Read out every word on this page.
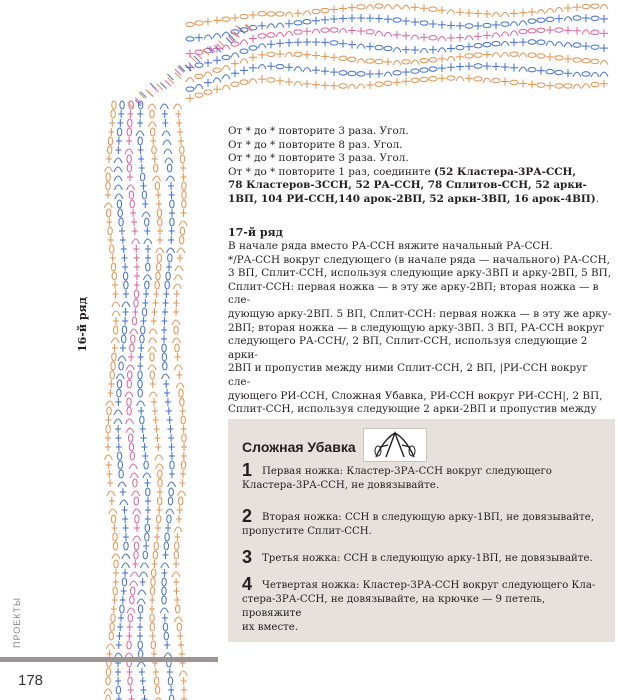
От * до * повторите 3 раза. Угол.

От * до * повторите 8 раз. Угол.

От * до * повторите 3 раза. Угол.

От * до * повторите 1 раз, соедините (52 Кластера-3РА-ССН,

78 Кластеров-3ССН, 52 РА-ССН, 78 Сплитов-ССН, 52 арки-

1ВП, 104 РИ-ССН,140 арок-2ВП, 52 арки-3ВП, 16 арок-4ВП).

17-й ряд

В начале ряда вместо РА-ССН вяжите начальный РА-ССН.

*/РА-ССН вокруг следующего (в начале ряда — начального) РА-ССН,

3 ВП, Сплит-ССН, используя следующие арку-3ВП и арку-2ВП, 5 ВП,

Сплит-ССН: первая ножка — в эту же арку-2ВП; вторая ножка — в сле-

дующую арку-2ВП. 5 ВП, Сплит-ССН: первая ножка — в эту же арку-

2ВП; вторая ножка — в следующую арку-3ВП. 3 ВП, РА-ССН вокруг

следующего РА-ССН/, 2 ВП, Сплит-ССН, используя следующие 2 арки-

2ВП и пропустив между ними Сплит-ССН, 2 ВП, |РИ-ССН вокруг сле-

дующего РИ-ССН, Сложная Убавка, РИ-ССН вокруг РИ-ССН|, 2 ВП,

Сплит-ССН, используя следующие 2 арки-2ВП и пропустив между

16-й ряд
Сложная Убавка
1 Первая ножка: Кластер-3РА-ССН вокруг следующего
Кластера-3РА-ССН, не довязывайте.
2 Вторая ножка: ССН в следующую арку-1ВП, не довязывайте,
пропустите Сплит-ССН.
3 Третья ножка: ССН в следующую арку-1ВП, не довязывайте.
4 Четвертая ножка: Кластер-3РА-ССН вокруг следующего Кла-
стера-3РА-ССН, не довязывайте, на крючке — 9 петель, провяжите
их вместе.
ПРОЕКТЫ
178
